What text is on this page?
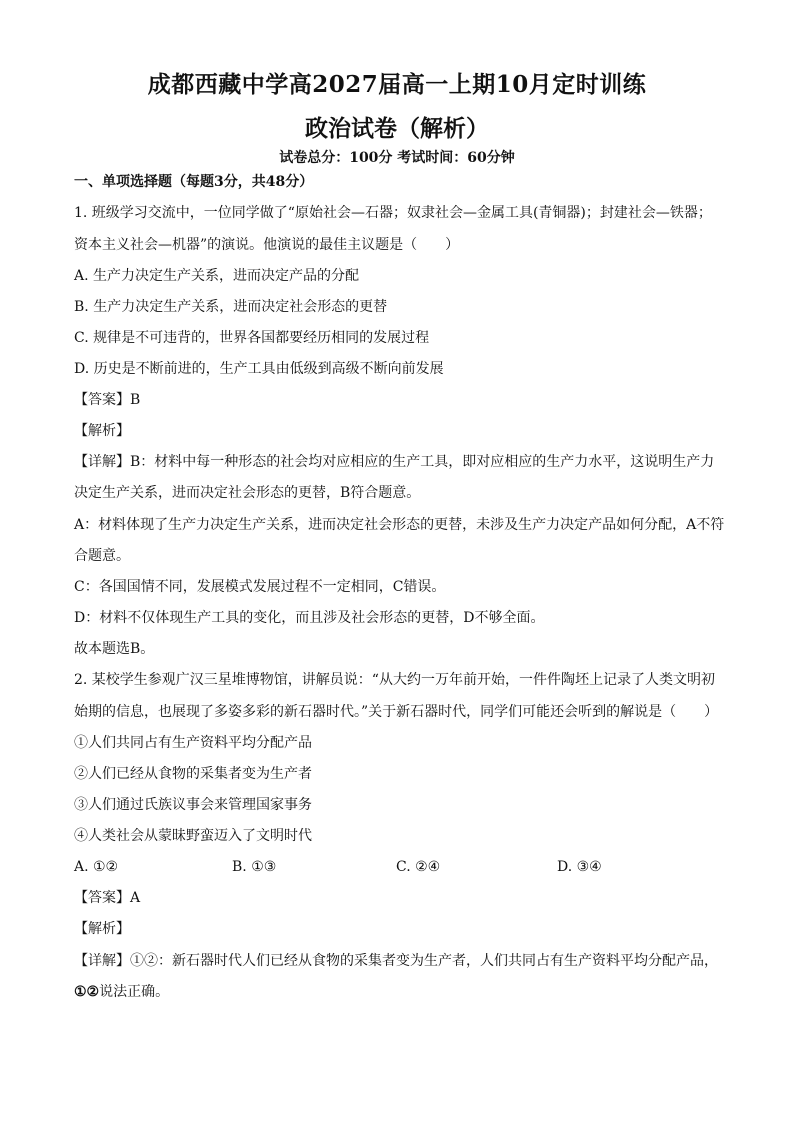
成都西藏中学高2027届高一上期10月定时训练
政治试卷（解析）
试卷总分：100分 考试时间：60分钟
一、单项选择题（每题3分，共48分）
1. 班级学习交流中，一位同学做了“原始社会—石器；奴隶社会—金属工具(青铜器)；封建社会—铁器；
资本主义社会—机器”的演说。他演说的最佳主议题是（　　）
A. 生产力决定生产关系，进而决定产品的分配
B. 生产力决定生产关系，进而决定社会形态的更替
C. 规律是不可违背的，世界各国都要经历相同的发展过程
D. 历史是不断前进的，生产工具由低级到高级不断向前发展
【答案】B
【解析】
【详解】B：材料中每一种形态的社会均对应相应的生产工具，即对应相应的生产力水平，这说明生产力
决定生产关系，进而决定社会形态的更替，B符合题意。
A：材料体现了生产力决定生产关系，进而决定社会形态的更替，未涉及生产力决定产品如何分配，A不符
合题意。
C：各国国情不同，发展模式发展过程不一定相同，C错误。
D：材料不仅体现生产工具的变化，而且涉及社会形态的更替，D不够全面。
故本题选B。
2. 某校学生参观广汉三星堆博物馆，讲解员说：“从大约一万年前开始，一件件陶坯上记录了人类文明初
始期的信息，也展现了多姿多彩的新石器时代。”关于新石器时代，同学们可能还会听到的解说是（　　）
①人们共同占有生产资料平均分配产品
②人们已经从食物的采集者变为生产者
③人们通过氏族议事会来管理国家事务
④人类社会从蒙昧野蛮迈入了文明时代
A. ①②	B. ①③	C. ②④	D. ③④
【答案】A
【解析】
【详解】①②：新石器时代人们已经从食物的采集者变为生产者，人们共同占有生产资料平均分配产品，
①②说法正确。
